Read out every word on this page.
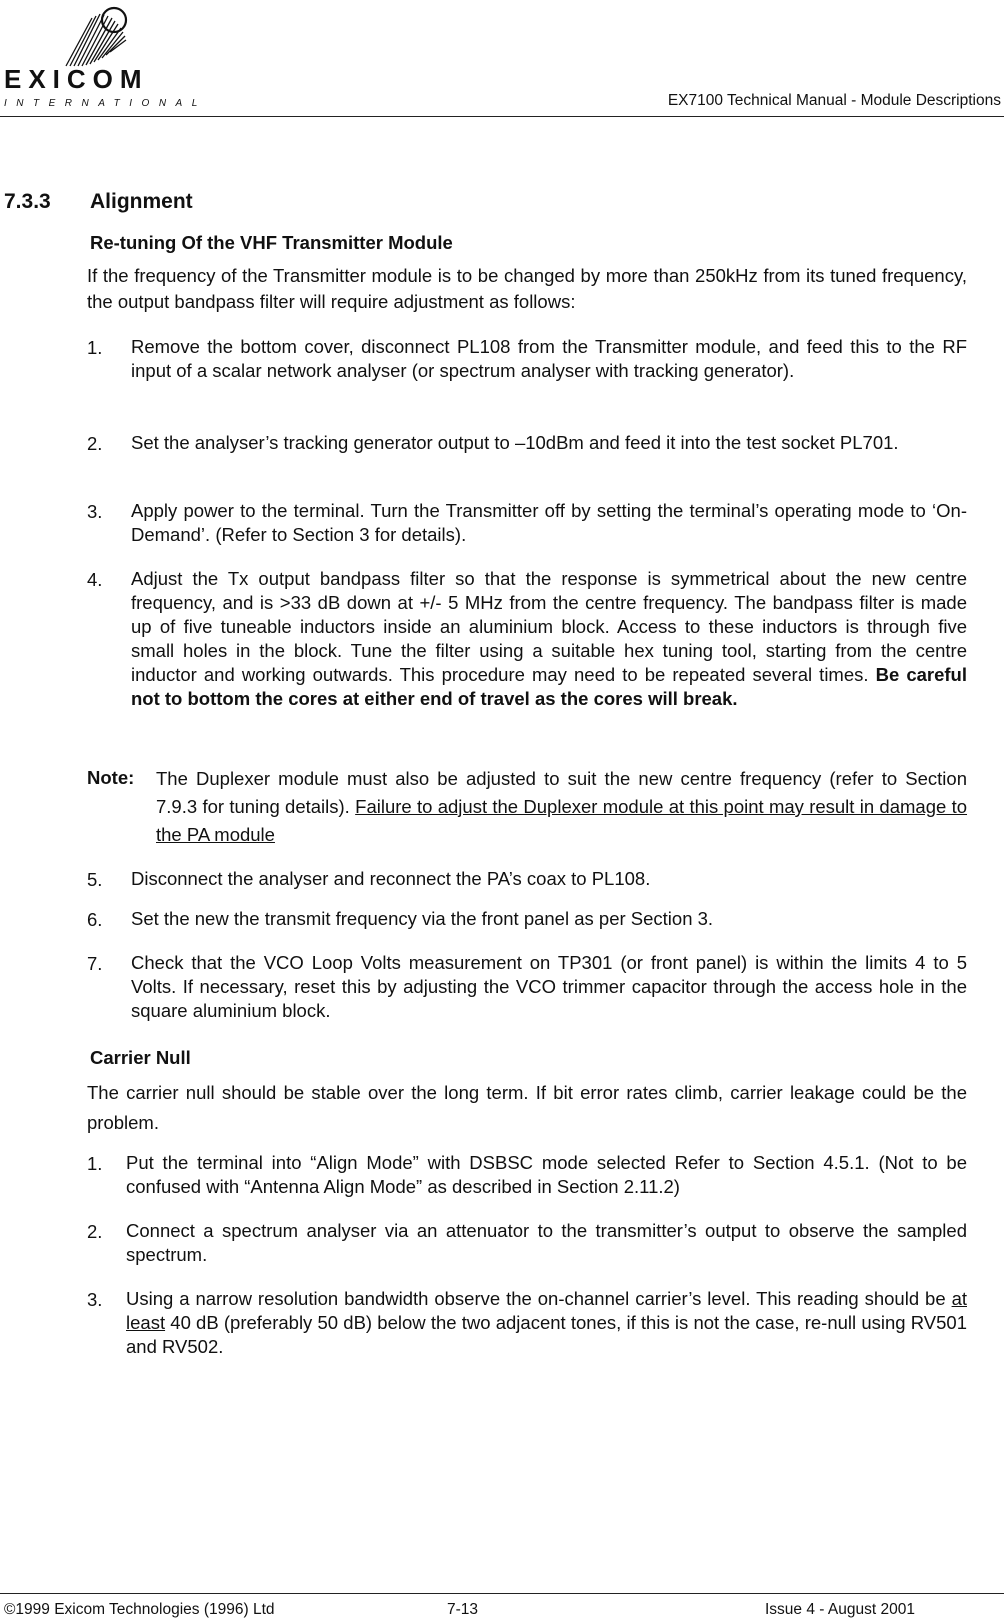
EXICOM
INTERNATIONAL	EX7100 Technical Manual - Module Descriptions
7.3.3 Alignment
Re-tuning Of the VHF Transmitter Module
If the frequency of the Transmitter module is to be changed by more than 250kHz from its tuned frequency, the output bandpass filter will require adjustment as follows:
1. Remove the bottom cover, disconnect PL108 from the Transmitter module, and feed this to the RF input of a scalar network analyser (or spectrum analyser with tracking generator).
2. Set the analyser’s tracking generator output to –10dBm and feed it into the test socket PL701.
3. Apply power to the terminal. Turn the Transmitter off by setting the terminal’s operating mode to ‘On-Demand’. (Refer to Section 3 for details).
4. Adjust the Tx output bandpass filter so that the response is symmetrical about the new centre frequency, and is >33 dB down at +/- 5 MHz from the centre frequency. The bandpass filter is made up of five tuneable inductors inside an aluminium block. Access to these inductors is through five small holes in the block. Tune the filter using a suitable hex tuning tool, starting from the centre inductor and working outwards. This procedure may need to be repeated several times. Be careful not to bottom the cores at either end of travel as the cores will break.
Note: The Duplexer module must also be adjusted to suit the new centre frequency (refer to Section 7.9.3 for tuning details). Failure to adjust the Duplexer module at this point may result in damage to the PA module
5. Disconnect the analyser and reconnect the PA’s coax to PL108.
6. Set the new the transmit frequency via the front panel as per Section 3.
7. Check that the VCO Loop Volts measurement on TP301 (or front panel) is within the limits 4 to 5 Volts. If necessary, reset this by adjusting the VCO trimmer capacitor through the access hole in the square aluminium block.
Carrier Null
The carrier null should be stable over the long term. If bit error rates climb, carrier leakage could be the problem.
1. Put the terminal into “Align Mode” with DSBSC mode selected Refer to Section 4.5.1. (Not to be confused with “Antenna Align Mode” as described in Section 2.11.2)
2. Connect a spectrum analyser via an attenuator to the transmitter’s output to observe the sampled spectrum.
3. Using a narrow resolution bandwidth observe the on-channel carrier’s level. This reading should be at least 40 dB (preferably 50 dB) below the two adjacent tones, if this is not the case, re-null using RV501 and RV502.
©1999 Exicom Technologies (1996) Ltd	7-13	Issue 4 - August 2001
